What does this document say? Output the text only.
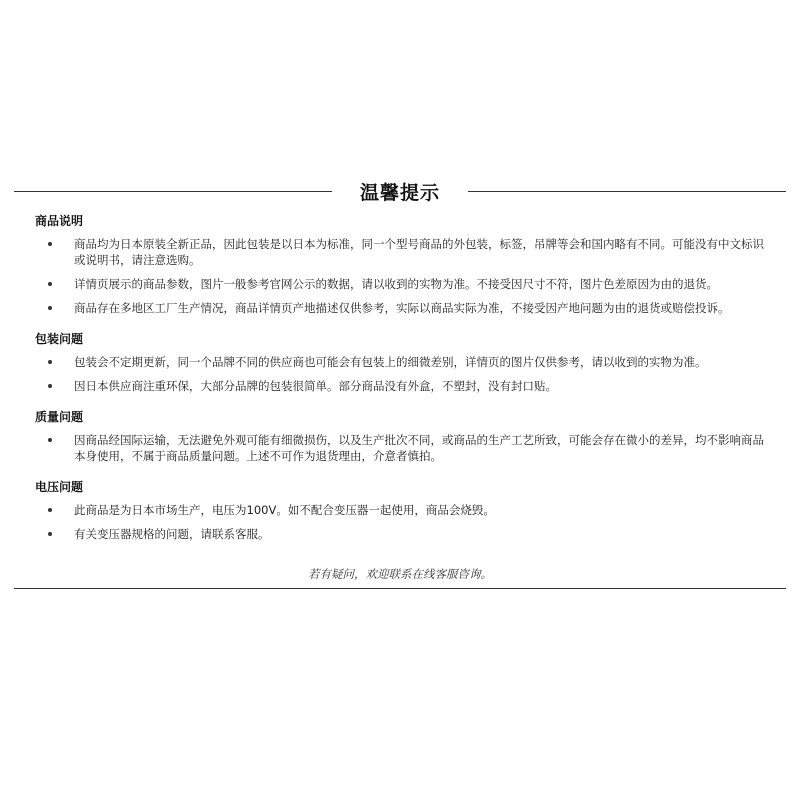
温馨提示
商品说明
商品均为日本原装全新正品，因此包装是以日本为标准，同一个型号商品的外包装，标签，吊牌等会和国内略有不同。可能没有中文标识或说明书，请注意选购。
详情页展示的商品参数，图片一般参考官网公示的数据，请以收到的实物为准。不接受因尺寸不符，图片色差原因为由的退货。
商品存在多地区工厂生产情况，商品详情页产地描述仅供参考，实际以商品实际为准，不接受因产地问题为由的退货或赔偿投诉。
包装问题
包装会不定期更新，同一个品牌不同的供应商也可能会有包装上的细微差别，详情页的图片仅供参考，请以收到的实物为准。
因日本供应商注重环保，大部分品牌的包装很简单。部分商品没有外盒，不塑封，没有封口贴。
质量问题
因商品经国际运输，无法避免外观可能有细微损伤，以及生产批次不同，或商品的生产工艺所致，可能会存在微小的差异，均不影响商品本身使用，不属于商品质量问题。上述不可作为退货理由，介意者慎拍。
电压问题
此商品是为日本市场生产，电压为100V。如不配合变压器一起使用，商品会烧毁。
有关变压器规格的问题，请联系客服。
若有疑问，欢迎联系在线客服咨询。
